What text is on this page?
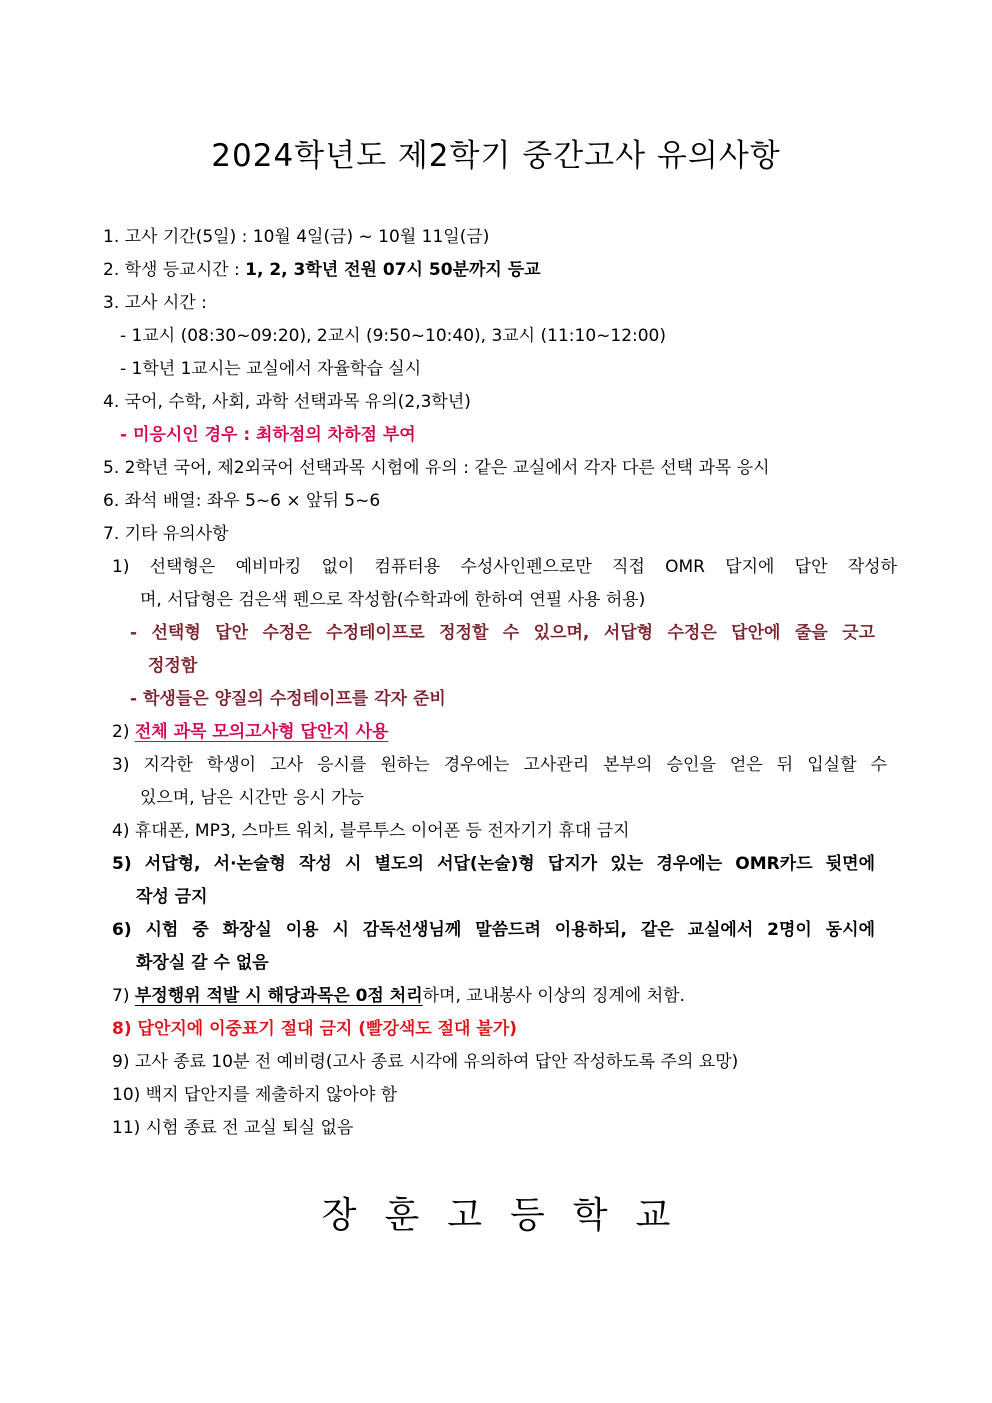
2024학년도 제2학기 중간고사 유의사항
1. 고사 기간(5일) : 10월 4일(금) ~ 10월 11일(금)
2. 학생 등교시간 : 1, 2, 3학년 전원 07시 50분까지 등교
3. 고사 시간 :
- 1교시 (08:30~09:20), 2교시 (9:50~10:40), 3교시 (11:10~12:00)
- 1학년 1교시는 교실에서 자율학습 실시
4. 국어, 수학, 사회, 과학 선택과목 유의(2,3학년)
- 미응시인 경우 : 최하점의 차하점 부여
5. 2학년 국어, 제2외국어 선택과목 시험에 유의 : 같은 교실에서 각자 다른 선택 과목 응시
6. 좌석 배열: 좌우 5~6 × 앞뒤 5~6
7. 기타 유의사항
1) 선택형은 예비마킹 없이 컴퓨터용 수성사인펜으로만 직접 OMR 답지에 답안 작성하
며, 서답형은 검은색 펜으로 작성함(수학과에 한하여 연필 사용 허용)
- 선택형 답안 수정은 수정테이프로 정정할 수 있으며, 서답형 수정은 답안에 줄을 긋고
정정함
- 학생들은 양질의 수정테이프를 각자 준비
2) 전체 과목 모의고사형 답안지 사용
3) 지각한 학생이 고사 응시를 원하는 경우에는 고사관리 본부의 승인을 얻은 뒤 입실할 수
있으며, 남은 시간만 응시 가능
4) 휴대폰, MP3, 스마트 워치, 블루투스 이어폰 등 전자기기 휴대 금지
5) 서답형, 서·논술형 작성 시 별도의 서답(논술)형 답지가 있는 경우에는 OMR카드 뒷면에
작성 금지
6) 시험 중 화장실 이용 시 감독선생님께 말씀드려 이용하되, 같은 교실에서 2명이 동시에
화장실 갈 수 없음
7) 부정행위 적발 시 해당과목은 0점 처리하며, 교내봉사 이상의 징계에 처함.
8) 답안지에 이중표기 절대 금지 (빨강색도 절대 불가)
9) 고사 종료 10분 전 예비령(고사 종료 시각에 유의하여 답안 작성하도록 주의 요망)
10) 백지 답안지를 제출하지 않아야 함
11) 시험 종료 전 교실 퇴실 없음
장훈고등학교
